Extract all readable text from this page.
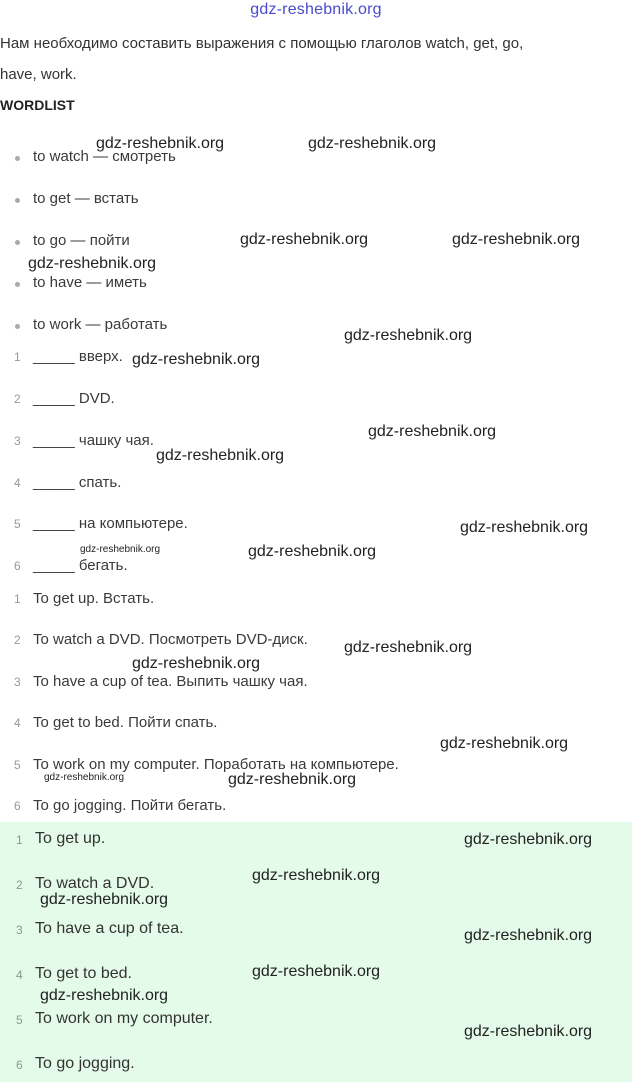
gdz-reshebnik.org
Нам необходимо составить выражения с помощью глаголов watch, get, go,
have, work.
WORDLIST
to watch — смотреть
to get — встать
to go — пойти
to have — иметь
to work — работать
1 _____ вверх.
2 _____ DVD.
3 _____ чашку чая.
4 _____ спать.
5 _____ на компьютере.
6 _____ бегать.
1 To get up. Встать.
2 To watch a DVD. Посмотреть DVD-диск.
3 To have a cup of tea. Выпить чашку чая.
4 To get to bed. Пойти спать.
5 To work on my computer. Поработать на компьютере.
6 To go jogging. Пойти бегать.
1 To get up.
2 To watch a DVD.
3 To have a cup of tea.
4 To get to bed.
5 To work on my computer.
6 To go jogging.
gdz-reshebnik.org	gdz-reshebnik.org
gdz-reshebnik.org	gdz-reshebnik.org
gdz-reshebnik.org
gdz-reshebnik.org
gdz-reshebnik.org
gdz-reshebnik.org
gdz-reshebnik.org
gdz-reshebnik.org
gdz-reshebnik.org	gdz-reshebnik.org
gdz-reshebnik.org
gdz-reshebnik.org
gdz-reshebnik.org
gdz-reshebnik.org	gdz-reshebnik.org
gdz-reshebnik.org
gdz-reshebnik.org
gdz-reshebnik.org
gdz-reshebnik.org
gdz-reshebnik.org
gdz-reshebnik.org
gdz-reshebnik.org
